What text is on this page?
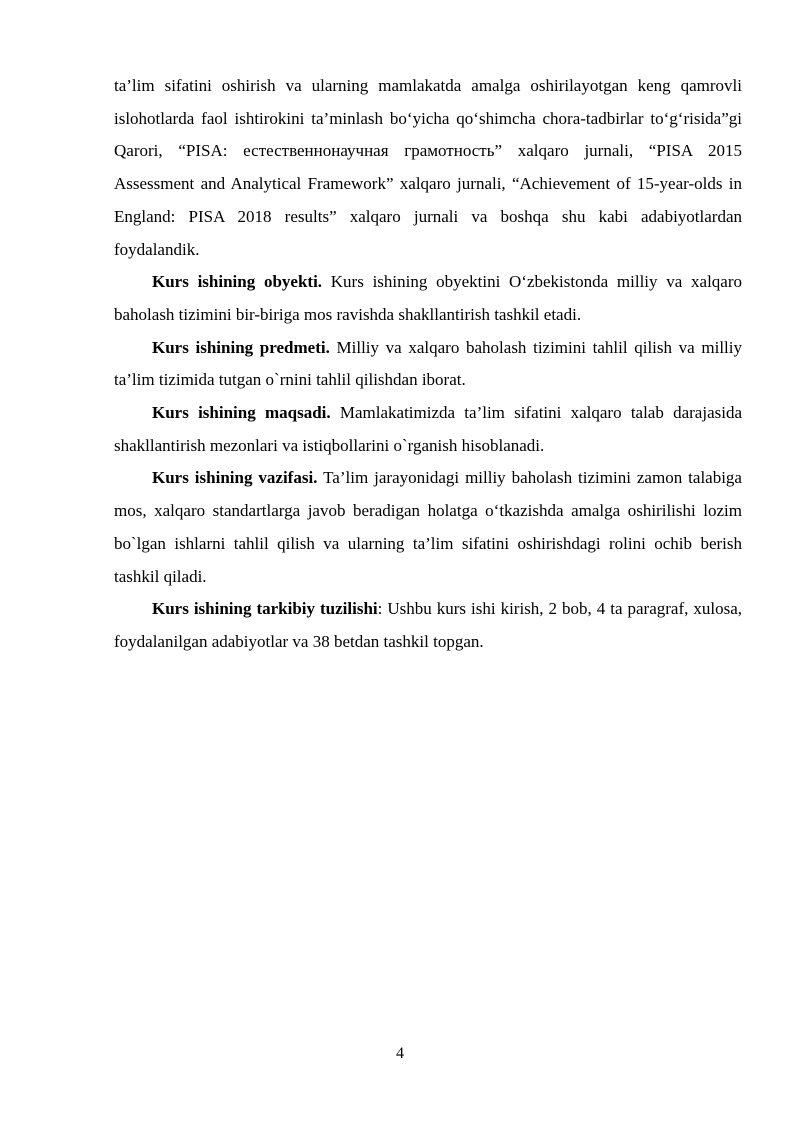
ta’lim sifatini oshirish va ularning mamlakatda amalga oshirilayotgan keng qamrovli islohotlarda faol ishtirokini ta’minlash bo‘yicha qo‘shimcha chora-tadbirlar to‘g‘risida”gi Qarori, “PISA: естественнонаучная грамотность” xalqaro jurnali, “PISA 2015 Assessment and Analytical Framework” xalqaro jurnali, “Achievement of 15-year-olds in England: PISA 2018 results” xalqaro jurnali va boshqa shu kabi adabiyotlardan foydalandik.

Kurs ishining obyekti. Kurs ishining obyektini O‘zbekistonda milliy va xalqaro baholash tizimini bir-biriga mos ravishda shakllantirish tashkil etadi.

Kurs ishining predmeti. Milliy va xalqaro baholash tizimini tahlil qilish va milliy ta’lim tizimida tutgan o`rnini tahlil qilishdan iborat.

Kurs ishining maqsadi. Mamlakatimizda ta’lim sifatini xalqaro talab darajasida shakllantirish mezonlari va istiqbollarini o`rganish hisoblanadi.

Kurs ishining vazifasi. Ta’lim jarayonidagi milliy baholash tizimini zamon talabiga mos, xalqaro standartlarga javob beradigan holatga o‘tkazishda amalga oshirilishi lozim bo`lgan ishlarni tahlil qilish va ularning ta’lim sifatini oshirishdagi rolini ochib berish tashkil qiladi.

Kurs ishining tarkibiy tuzilishi: Ushbu kurs ishi kirish, 2 bob, 4 ta paragraf, xulosa, foydalanilgan adabiyotlar va 38 betdan tashkil topgan.

4
